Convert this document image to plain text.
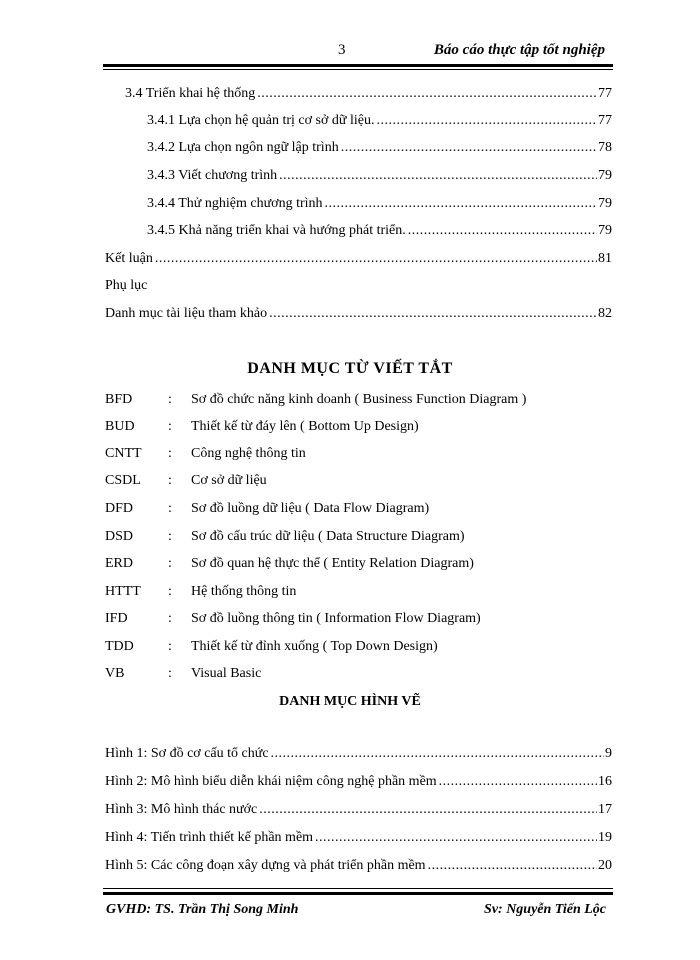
3	Báo cáo thực tập tốt nghiệp
3.4 Triển khai hệ thống .....	77
3.4.1 Lựa chọn hệ quản trị cơ sở dữ liệu. .....	77
3.4.2 Lựa chọn ngôn ngữ lập trình .....	78
3.4.3 Viết chương trình .....	79
3.4.4 Thử nghiệm chương trình .....	79
3.4.5 Khả năng triển khai và hướng phát triển. .....	79
Kết luận .....	81
Phụ lục
Danh mục tài liệu tham khảo .....	82
DANH MỤC TỪ VIẾT TẮT
BFD	: Sơ đồ chức năng kinh doanh ( Business Function Diagram )
BUD : Thiết kế từ đáy lên ( Bottom Up Design)
CNTT : Công nghệ thông tin
CSDL : Cơ sở dữ liệu
DFD : Sơ đồ luồng dữ liệu ( Data Flow Diagram)
DSD : Sơ đồ cấu trúc dữ liệu ( Data Structure Diagram)
ERD	: Sơ đồ quan hệ thực thể ( Entity Relation Diagram)
HTTT : Hệ thống thông tin
IFD	: Sơ đồ luồng thông tin ( Information Flow Diagram)
TDD : Thiết kế từ đỉnh xuống ( Top Down Design)
VB	: Visual Basic
DANH MỤC HÌNH VẼ
Hình 1: Sơ đồ cơ cấu tổ chức .....	9
Hình 2: Mô hình biểu diễn khái niệm công nghệ phần mềm .....	16
Hình 3: Mô hình thác nước .....	17
Hình 4: Tiến trình thiết kế phần mềm .....	19
Hình 5: Các công đoạn xây dựng và phát triển phần mềm .....	20
GVHD: TS. Trần Thị Song Minh	Sv: Nguyễn Tiến Lộc
